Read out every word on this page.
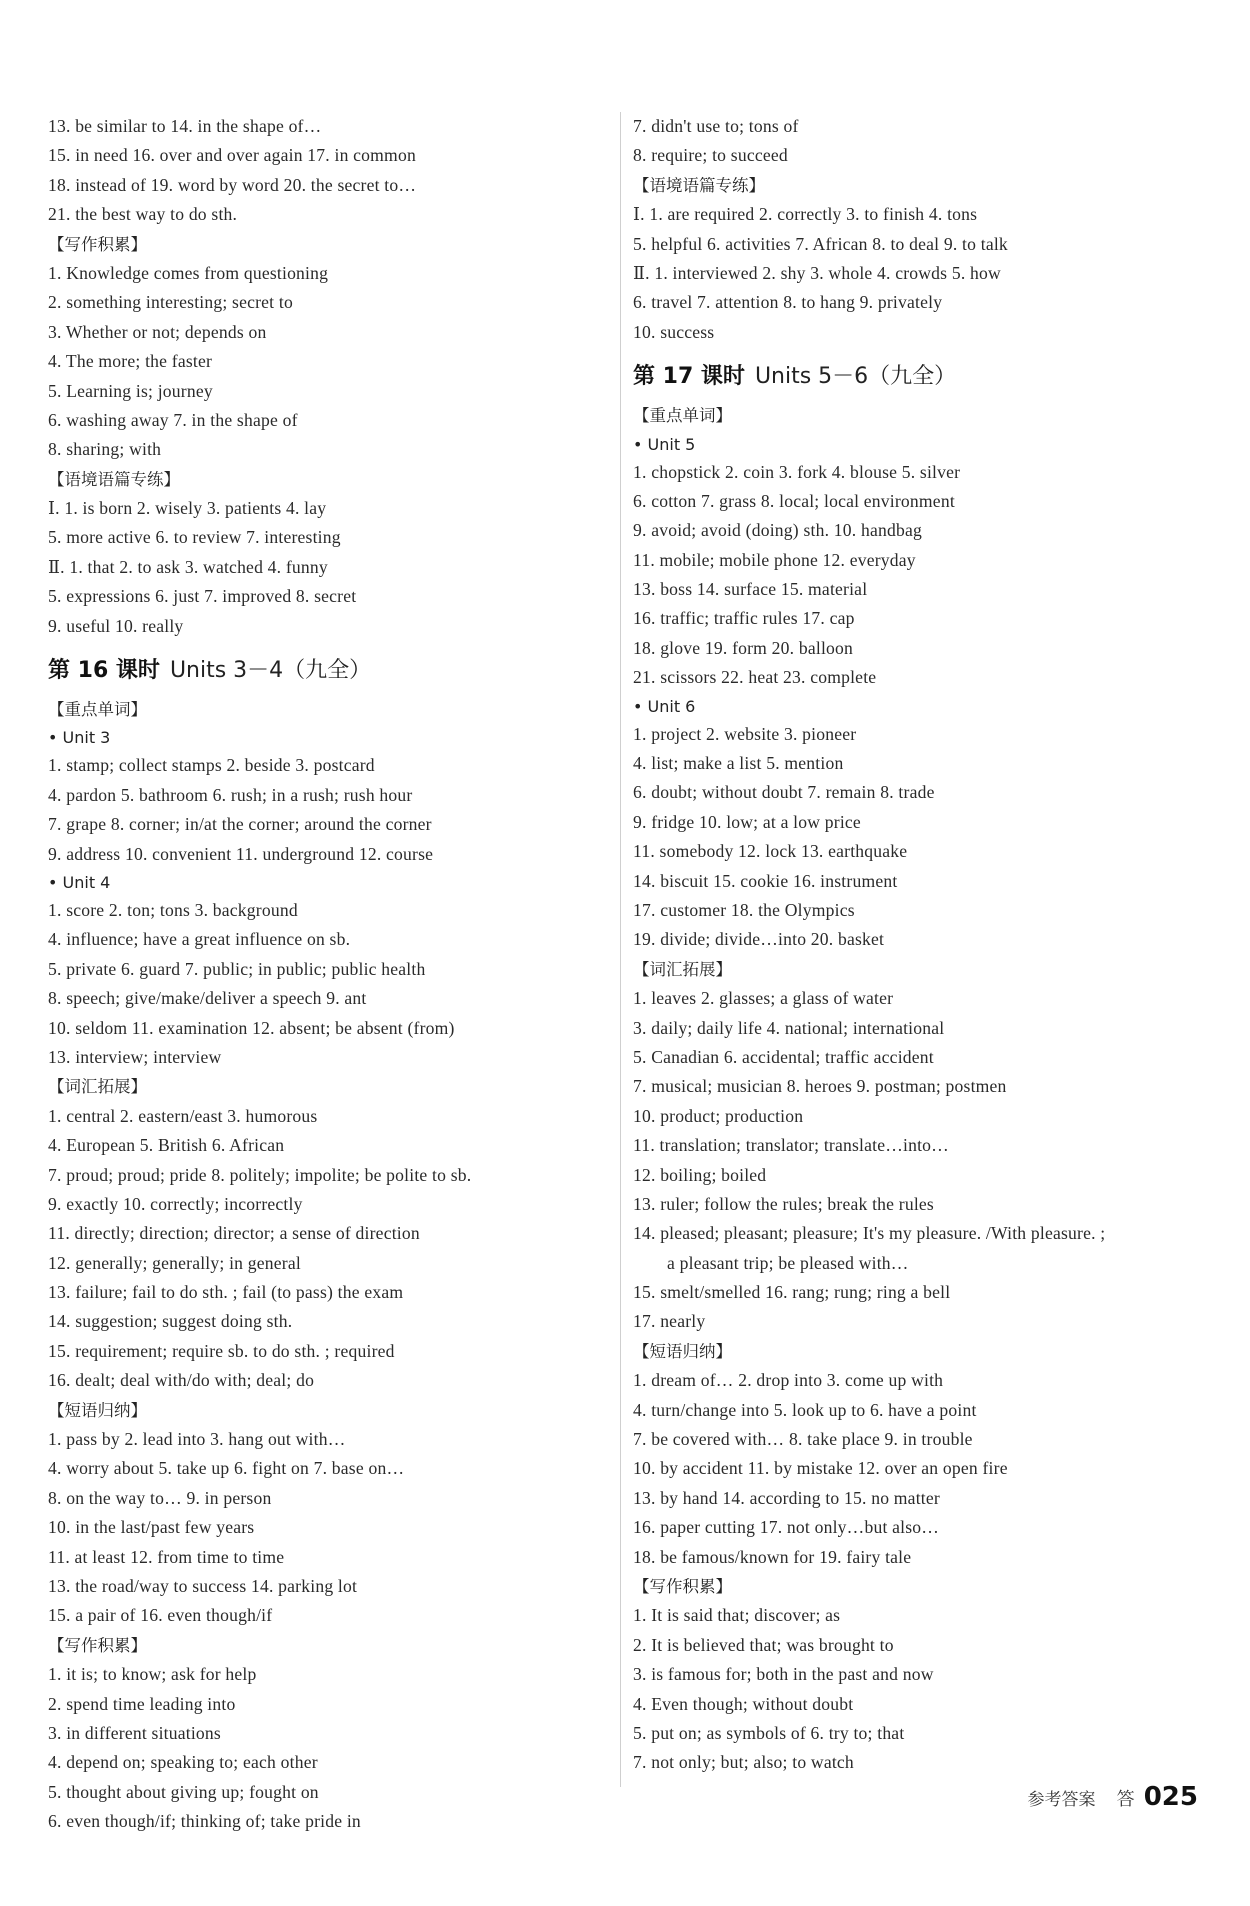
13. be similar to 14. in the shape of…
15. in need 16. over and over again 17. in common
18. instead of 19. word by word 20. the secret to…
21. the best way to do sth.
【写作积累】
1. Knowledge comes from questioning
2. something interesting; secret to
3. Whether or not; depends on
4. The more; the faster
5. Learning is; journey
6. washing away 7. in the shape of
8. sharing; with
【语境语篇专练】
Ⅰ. 1. is born 2. wisely 3. patients 4. lay
5. more active 6. to review 7. interesting
Ⅱ. 1. that 2. to ask 3. watched 4. funny
5. expressions 6. just 7. improved 8. secret
9. useful 10. really
第 16 课时 Units 3－4（九全）
【重点单词】
• Unit 3
1. stamp; collect stamps 2. beside 3. postcard
4. pardon 5. bathroom 6. rush; in a rush; rush hour
7. grape 8. corner; in/at the corner; around the corner
9. address 10. convenient 11. underground 12. course
• Unit 4
1. score 2. ton; tons 3. background
4. influence; have a great influence on sb.
5. private 6. guard 7. public; in public; public health
8. speech; give/make/deliver a speech 9. ant
10. seldom 11. examination 12. absent; be absent (from)
13. interview; interview
【词汇拓展】
1. central 2. eastern/east 3. humorous
4. European 5. British 6. African
7. proud; proud; pride 8. politely; impolite; be polite to sb.
9. exactly 10. correctly; incorrectly
11. directly; direction; director; a sense of direction
12. generally; generally; in general
13. failure; fail to do sth. ; fail (to pass) the exam
14. suggestion; suggest doing sth.
15. requirement; require sb. to do sth. ; required
16. dealt; deal with/do with; deal; do
【短语归纳】
1. pass by 2. lead into 3. hang out with…
4. worry about 5. take up 6. fight on 7. base on…
8. on the way to… 9. in person
10. in the last/past few years
11. at least 12. from time to time
13. the road/way to success 14. parking lot
15. a pair of 16. even though/if
【写作积累】
1. it is; to know; ask for help
2. spend time leading into
3. in different situations
4. depend on; speaking to; each other
5. thought about giving up; fought on
6. even though/if; thinking of; take pride in
7. didn't use to; tons of
8. require; to succeed
【语境语篇专练】
Ⅰ. 1. are required 2. correctly 3. to finish 4. tons
5. helpful 6. activities 7. African 8. to deal 9. to talk
Ⅱ. 1. interviewed 2. shy 3. whole 4. crowds 5. how
6. travel 7. attention 8. to hang 9. privately
10. success
第 17 课时 Units 5－6（九全）
【重点单词】
• Unit 5
1. chopstick 2. coin 3. fork 4. blouse 5. silver
6. cotton 7. grass 8. local; local environment
9. avoid; avoid (doing) sth. 10. handbag
11. mobile; mobile phone 12. everyday
13. boss 14. surface 15. material
16. traffic; traffic rules 17. cap
18. glove 19. form 20. balloon
21. scissors 22. heat 23. complete
• Unit 6
1. project 2. website 3. pioneer
4. list; make a list 5. mention
6. doubt; without doubt 7. remain 8. trade
9. fridge 10. low; at a low price
11. somebody 12. lock 13. earthquake
14. biscuit 15. cookie 16. instrument
17. customer 18. the Olympics
19. divide; divide…into 20. basket
【词汇拓展】
1. leaves 2. glasses; a glass of water
3. daily; daily life 4. national; international
5. Canadian 6. accidental; traffic accident
7. musical; musician 8. heroes 9. postman; postmen
10. product; production
11. translation; translator; translate…into…
12. boiling; boiled
13. ruler; follow the rules; break the rules
14. pleased; pleasant; pleasure; It's my pleasure. /With pleasure. ;
a pleasant trip; be pleased with…
15. smelt/smelled 16. rang; rung; ring a bell
17. nearly
【短语归纳】
1. dream of… 2. drop into 3. come up with
4. turn/change into 5. look up to 6. have a point
7. be covered with… 8. take place 9. in trouble
10. by accident 11. by mistake 12. over an open fire
13. by hand 14. according to 15. no matter
16. paper cutting 17. not only…but also…
18. be famous/known for 19. fairy tale
【写作积累】
1. It is said that; discover; as
2. It is believed that; was brought to
3. is famous for; both in the past and now
4. Even though; without doubt
5. put on; as symbols of 6. try to; that
7. not only; but; also; to watch
参考答案 答 025
